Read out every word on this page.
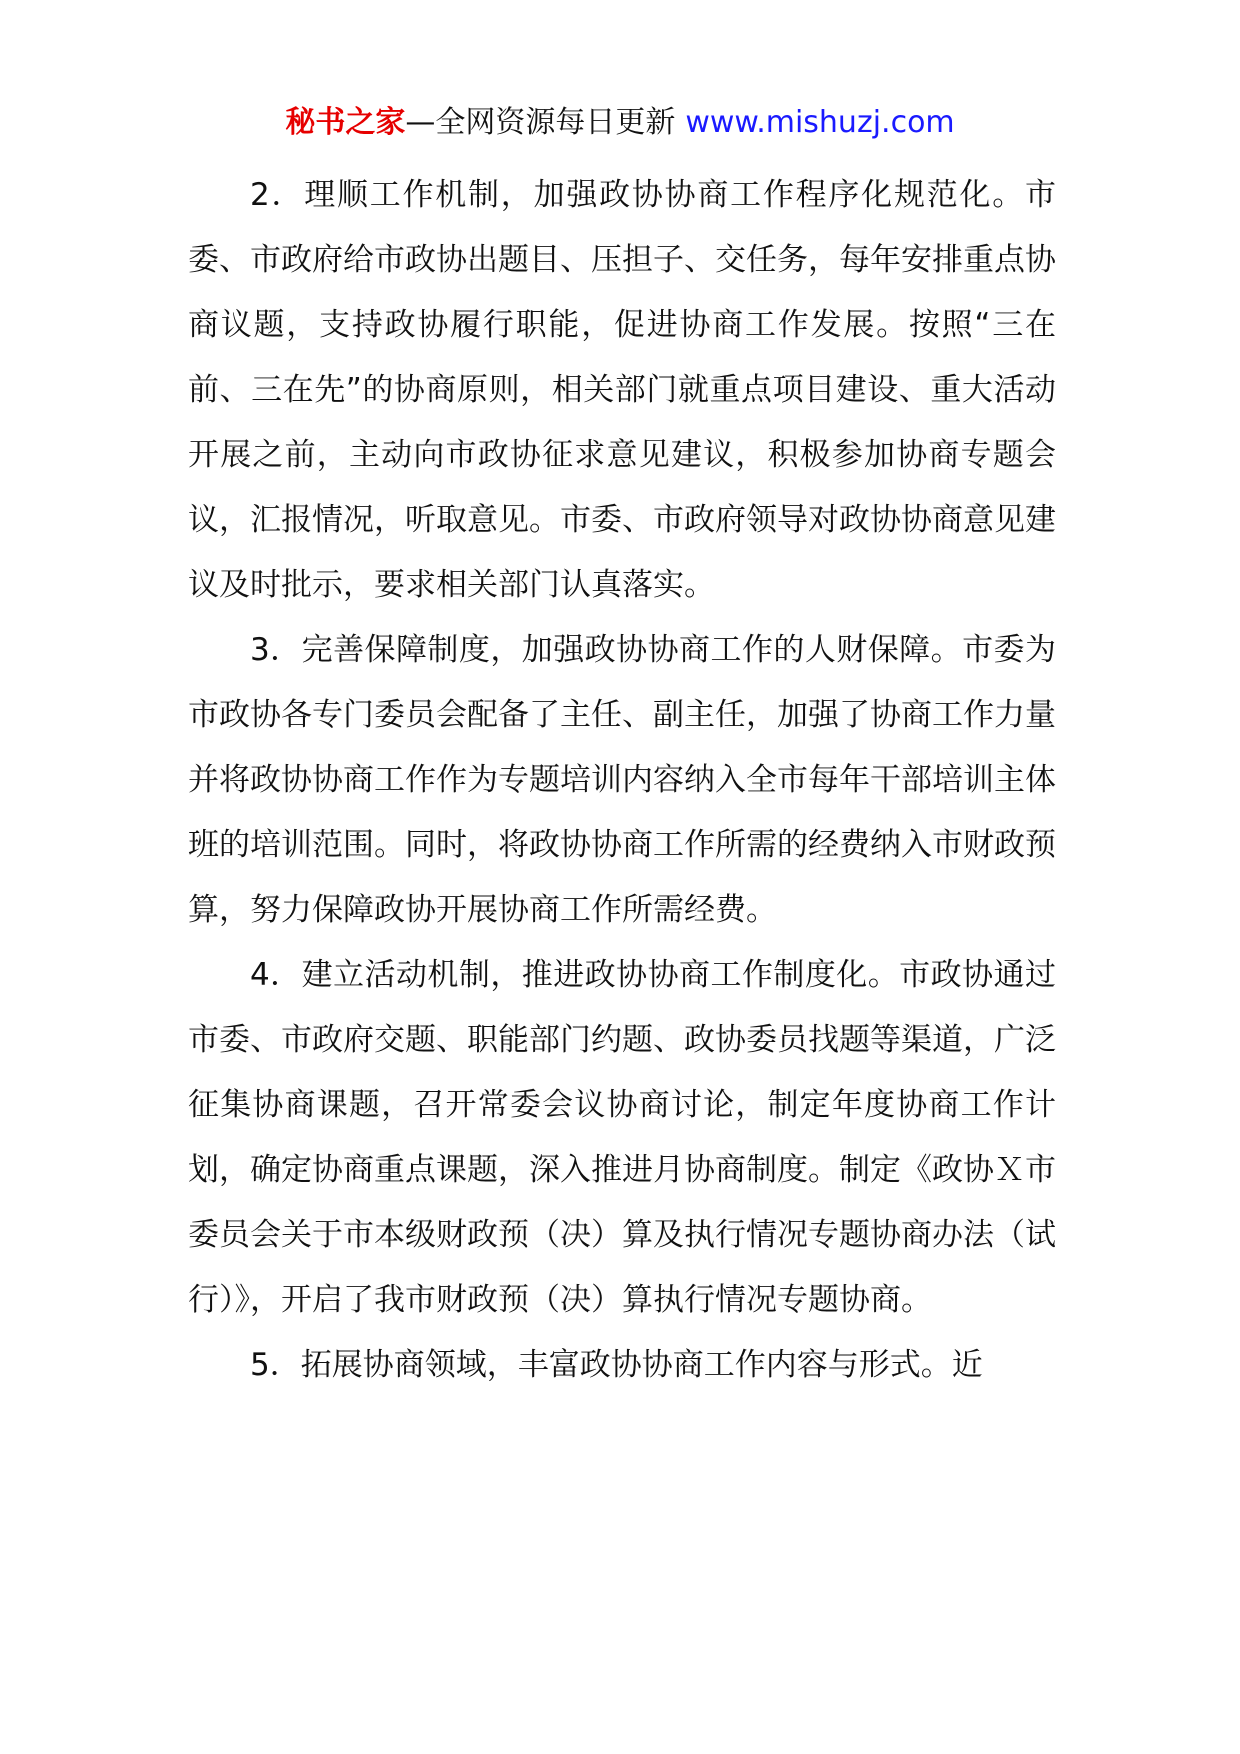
秘书之家—全网资源每日更新 www.mishuzj.com

2．理顺工作机制，加强政协协商工作程序化规范化。市委、市政府给市政协出题目、压担子、交任务，每年安排重点协商议题，支持政协履行职能，促进协商工作发展。按照“三在前、三在先”的协商原则，相关部门就重点项目建设、重大活动开展之前，主动向市政协征求意见建议，积极参加协商专题会议，汇报情况，听取意见。市委、市政府领导对政协协商意见建议及时批示，要求相关部门认真落实。

3．完善保障制度，加强政协协商工作的人财保障。市委为市政协各专门委员会配备了主任、副主任，加强了协商工作力量并将政协协商工作作为专题培训内容纳入全市每年干部培训主体班的培训范围。同时，将政协协商工作所需的经费纳入市财政预算，努力保障政协开展协商工作所需经费。

4．建立活动机制，推进政协协商工作制度化。市政协通过市委、市政府交题、职能部门约题、政协委员找题等渠道，广泛征集协商课题，召开常委会议协商讨论，制定年度协商工作计划，确定协商重点课题，深入推进月协商制度。制定《政协Ｘ市委员会关于市本级财政预（决）算及执行情况专题协商办法（试行）》，开启了我市财政预（决）算执行情况专题协商。

5．拓展协商领域，丰富政协协商工作内容与形式。近
